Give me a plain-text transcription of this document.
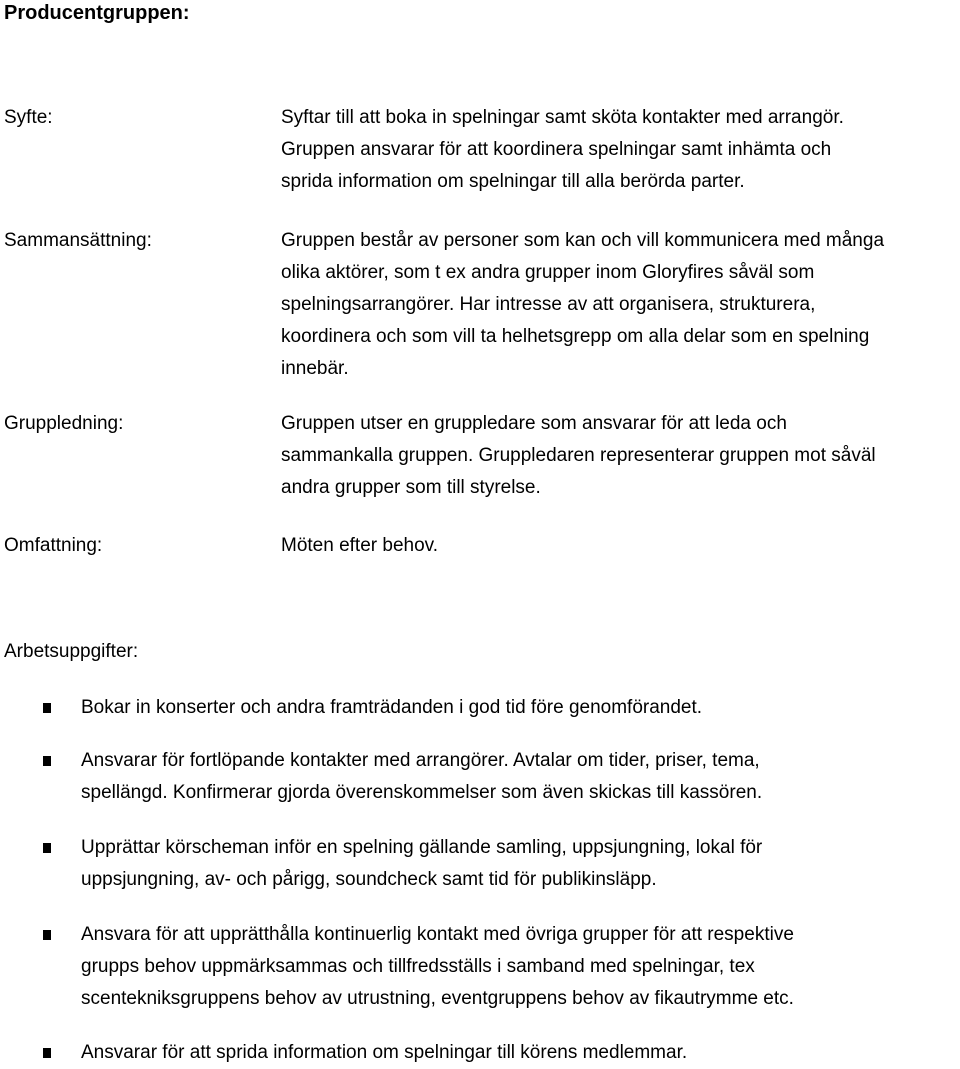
Producentgruppen:
Syfte:	Syftar till att boka in spelningar samt sköta kontakter med arrangör.

Gruppen ansvarar för att koordinera spelningar samt inhämta och

sprida information om spelningar till alla berörda parter.

Sammansättning:	Gruppen består av personer som kan och vill kommunicera med många

olika aktörer, som t ex andra grupper inom Gloryfires såväl som

spelningsarrangörer. Har intresse av att organisera, strukturera,

koordinera och som vill ta helhetsgrepp om alla delar som en spelning

innebär.

Gruppledning:	Gruppen utser en gruppledare som ansvarar för att leda och

sammankalla gruppen. Gruppledaren representerar gruppen mot såväl

andra grupper som till styrelse.

Omfattning:	Möten efter behov.

Arbetsuppgifter:

Bokar in konserter och andra framträdanden i god tid före genomförandet.

Ansvarar för fortlöpande kontakter med arrangörer. Avtalar om tider, priser, tema,

spellängd. Konfirmerar gjorda överenskommelser som även skickas till kassören.

Upprättar körscheman inför en spelning gällande samling, uppsjungning, lokal för

uppsjungning, av- och pårigg, soundcheck samt tid för publikinsläpp.

Ansvara för att upprätthålla kontinuerlig kontakt med övriga grupper för att respektive

grupps behov uppmärksammas och tillfredsställs i samband med spelningar, tex

scentekniksgruppens behov av utrustning, eventgruppens behov av fikautrymme etc.

Ansvarar för att sprida information om spelningar till körens medlemmar.
